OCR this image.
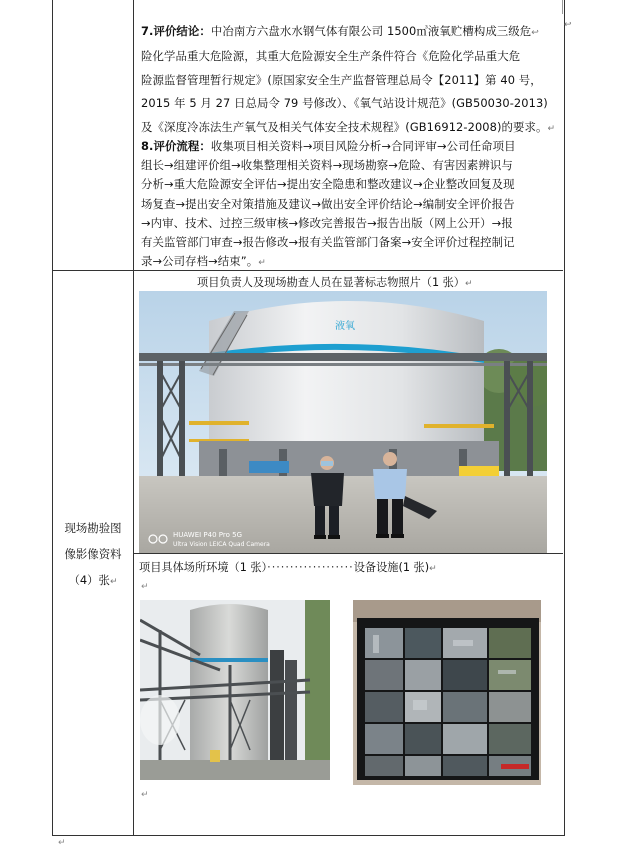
↩
7.评价结论：中冶南方六盘水水钢气体有限公司 1500㎥液氧贮槽构成三级危↩
险化学品重大危险源，其重大危险源安全生产条件符合《危险化学品重大危
险源监督管理暂行规定》(原国家安全生产监督管理总局令【2011】第 40 号，
2015 年 5 月 27 日总局令 79 号修改）、《氧气站设计规范》(GB50030-2013)
及《深度冷冻法生产氧气及相关气体安全技术规程》(GB16912-2008)的要求。↵
8.评价流程：收集项目相关资料→项目风险分析→合同评审→公司任命项目
组长→组建评价组→收集整理相关资料→现场勘察→危险、有害因素辨识与
分析→重大危险源安全评估→提出安全隐患和整改建议→企业整改回复及现
场复查→提出安全对策措施及建议→做出安全评价结论→编制安全评价报告
→内审、技术、过控三级审核→修改完善报告→报告出版（网上公开）→报
有关监管部门审查→报告修改→报有关监管部门备案→安全评价过程控制记
录→公司存档→结束”。↵
现场勘验图
像影像资料
（4）张↵
项目负责人及现场勘查人员在显著标志物照片（1 张）↵
液氧
HUAWEI P40 Pro 5G
Ultra Vision LEICA Quad Camera
项目具体场所环境（1 张）···················设备设施(1 张)↵
↵
↵
↵
